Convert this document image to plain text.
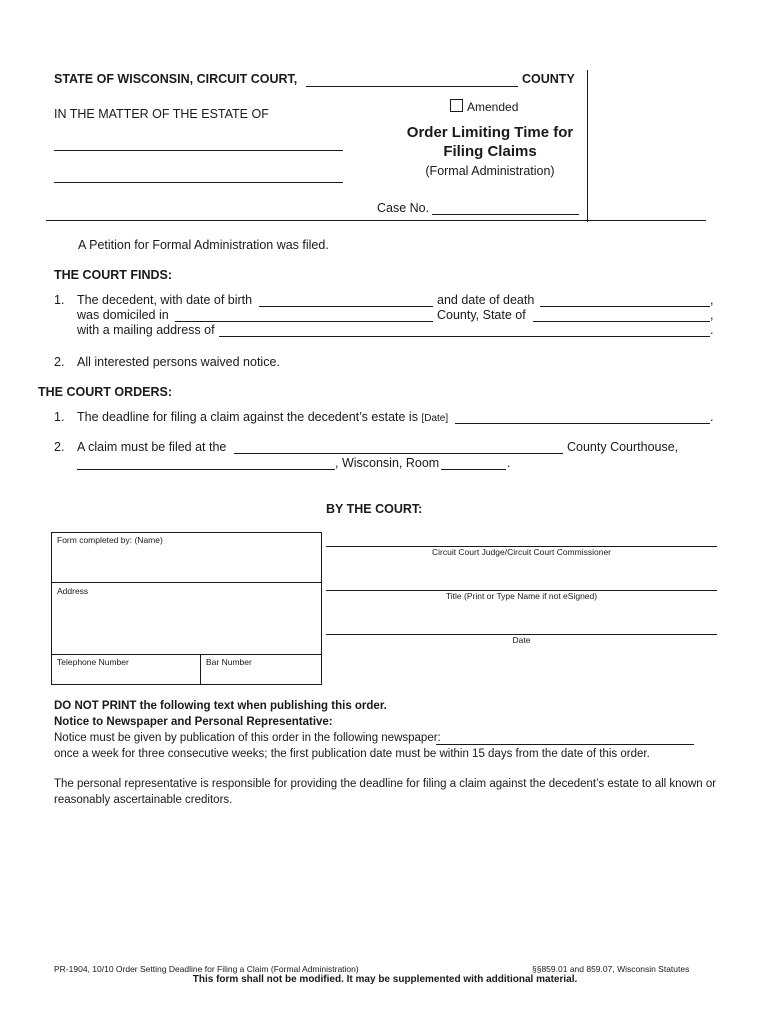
STATE OF WISCONSIN, CIRCUIT COURT,	COUNTY
IN THE MATTER OF THE ESTATE OF	Amended
Order Limiting Time for
Filing Claims
(Formal Administration)
Case No.
A Petition for Formal Administration was filed.
THE COURT FINDS:
1. The decedent, with date of birth	and date of death	,
was domiciled in	County, State of	,
with a mailing address of	.
2. All interested persons waived notice.
THE COURT ORDERS:
1. The deadline for filing a claim against the decedent’s estate is [Date]	.
2. A claim must be filed at the	County Courthouse,
, Wisconsin, Room	.
BY THE COURT:
Form completed by: (Name)
Address
Telephone Number	Bar Number
Circuit Court Judge/Circuit Court Commissioner
Title (Print or Type Name if not eSigned)
Date
DO NOT PRINT the following text when publishing this order.
Notice to Newspaper and Personal Representative:
Notice must be given by publication of this order in the following newspaper:
once a week for three consecutive weeks; the first publication date must be within 15 days from the date of this order.
The personal representative is responsible for providing the deadline for filing a claim against the decedent’s estate to all known or
reasonably ascertainable creditors.
PR-1904, 10/10 Order Setting Deadline for Filing a Claim (Formal Administration)	§§859.01 and 859.07, Wisconsin Statutes
This form shall not be modified. It may be supplemented with additional material.
